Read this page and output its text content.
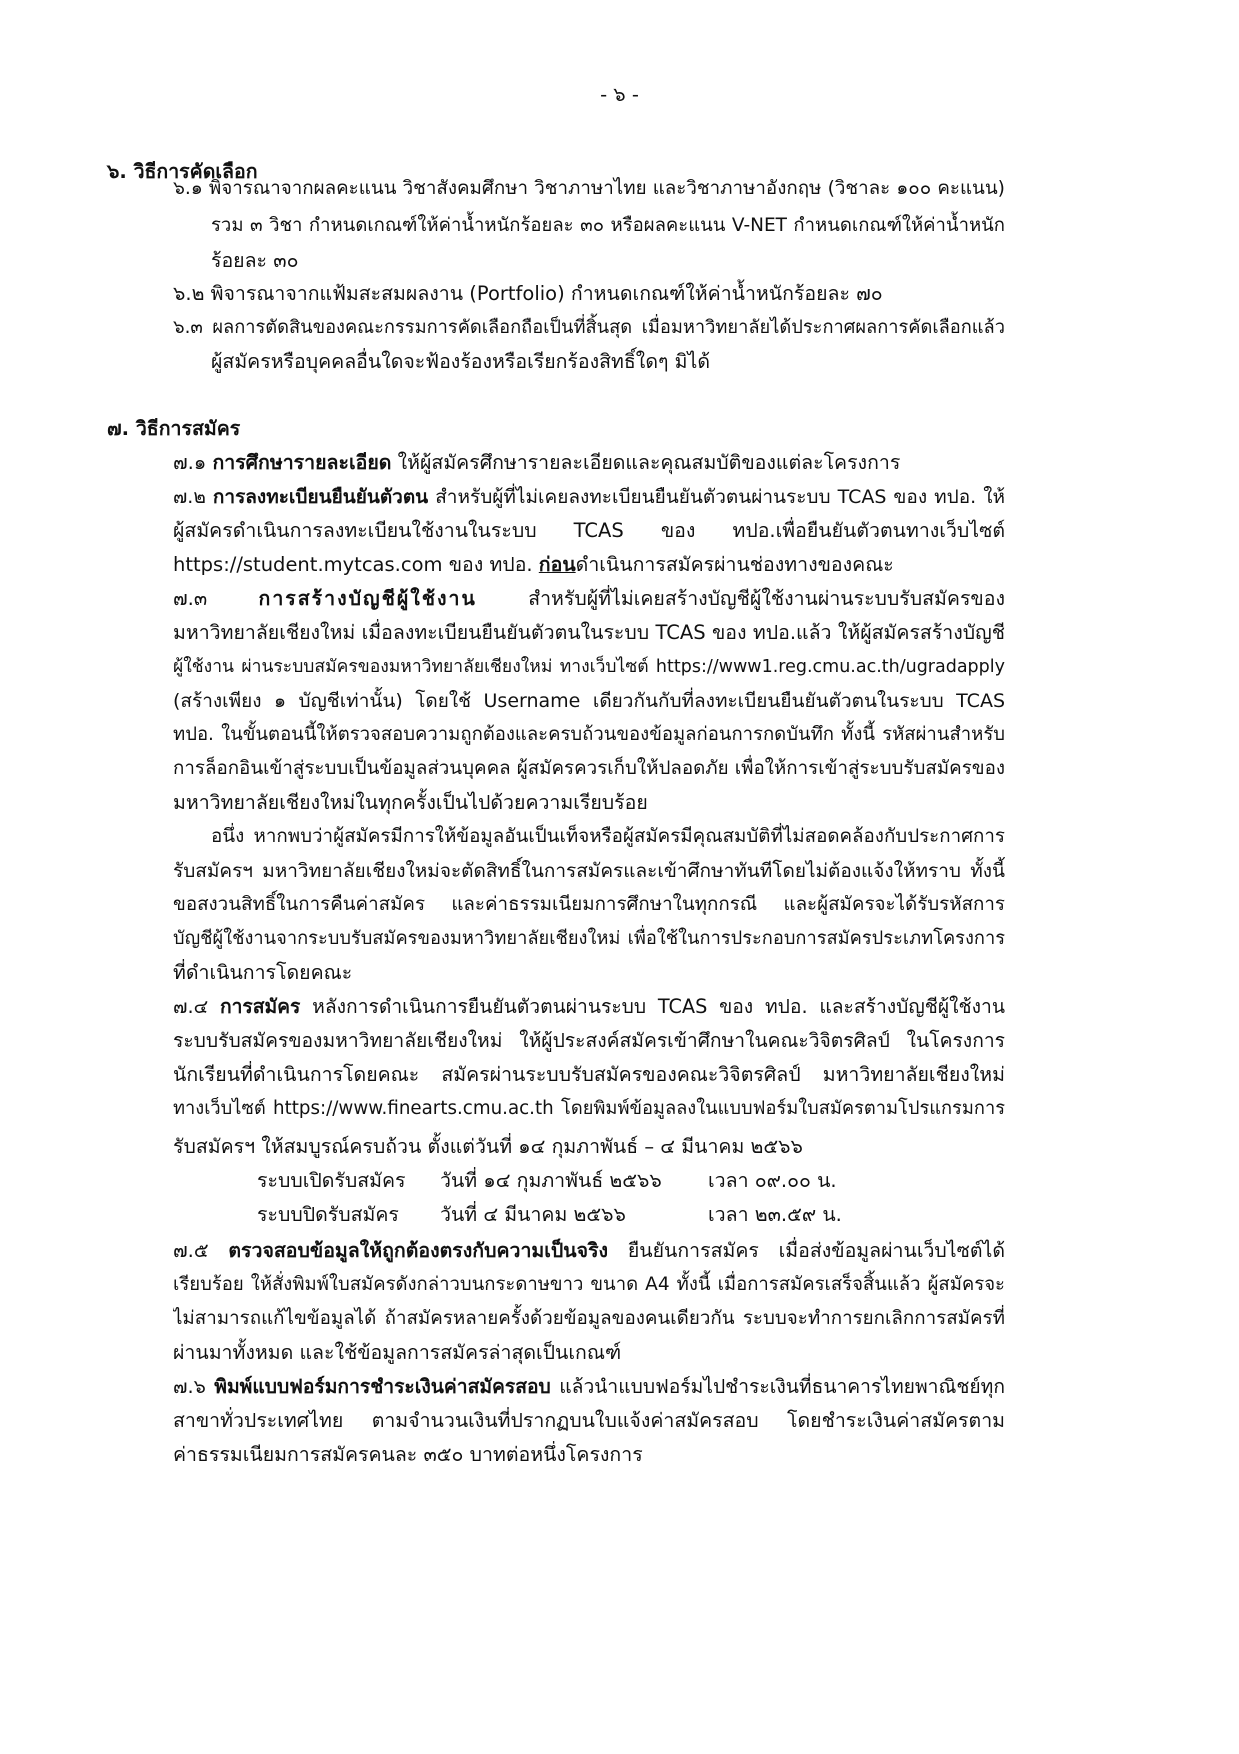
- ๖ -
๖. วิธีการคัดเลือก
๖.๑ พิจารณาจากผลคะแนน วิชาสังคมศึกษา วิชาภาษาไทย และวิชาภาษาอังกฤษ (วิชาละ ๑๐๐ คะแนน)
รวม ๓ วิชา กำหนดเกณฑ์ให้ค่าน้ำหนักร้อยละ ๓๐ หรือผลคะแนน V-NET กำหนดเกณฑ์ให้ค่าน้ำหนัก
ร้อยละ ๓๐
๖.๒ พิจารณาจากแฟ้มสะสมผลงาน (Portfolio) กำหนดเกณฑ์ให้ค่าน้ำหนักร้อยละ ๗๐
๖.๓ ผลการตัดสินของคณะกรรมการคัดเลือกถือเป็นที่สิ้นสุด เมื่อมหาวิทยาลัยได้ประกาศผลการคัดเลือกแล้ว
ผู้สมัครหรือบุคคลอื่นใดจะฟ้องร้องหรือเรียกร้องสิทธิ์ใดๆ มิได้
๗. วิธีการสมัคร
๗.๑ การศึกษารายละเอียด ให้ผู้สมัครศึกษารายละเอียดและคุณสมบัติของแต่ละโครงการ
๗.๒ การลงทะเบียนยืนยันตัวตน สำหรับผู้ที่ไม่เคยลงทะเบียนยืนยันตัวตนผ่านระบบ TCAS ของ ทปอ. ให้
ผู้สมัครดำเนินการลงทะเบียนใช้งานในระบบ TCAS ของ ทปอ.เพื่อยืนยันตัวตนทางเว็บไซต์
https://student.mytcas.com ของ ทปอ. ก่อนดำเนินการสมัครผ่านช่องทางของคณะ
๗.๓ การสร้างบัญชีผู้ใช้งาน สำหรับผู้ที่ไม่เคยสร้างบัญชีผู้ใช้งานผ่านระบบรับสมัครของ
มหาวิทยาลัยเชียงใหม่ เมื่อลงทะเบียนยืนยันตัวตนในระบบ TCAS ของ ทปอ.แล้ว ให้ผู้สมัครสร้างบัญชี
ผู้ใช้งาน ผ่านระบบสมัครของมหาวิทยาลัยเชียงใหม่ ทางเว็บไซต์ https://www1.reg.cmu.ac.th/ugradapply
(สร้างเพียง ๑ บัญชีเท่านั้น) โดยใช้ Username เดียวกันกับที่ลงทะเบียนยืนยันตัวตนในระบบ TCAS
ทปอ. ในขั้นตอนนี้ให้ตรวจสอบความถูกต้องและครบถ้วนของข้อมูลก่อนการกดบันทึก ทั้งนี้ รหัสผ่านสำหรับ
การล็อกอินเข้าสู่ระบบเป็นข้อมูลส่วนบุคคล ผู้สมัครควรเก็บให้ปลอดภัย เพื่อให้การเข้าสู่ระบบรับสมัครของ
มหาวิทยาลัยเชียงใหม่ในทุกครั้งเป็นไปด้วยความเรียบร้อย
อนึ่ง หากพบว่าผู้สมัครมีการให้ข้อมูลอันเป็นเท็จหรือผู้สมัครมีคุณสมบัติที่ไม่สอดคล้องกับประกาศการ
รับสมัครฯ มหาวิทยาลัยเชียงใหม่จะตัดสิทธิ์ในการสมัครและเข้าศึกษาทันทีโดยไม่ต้องแจ้งให้ทราบ ทั้งนี้
ขอสงวนสิทธิ์ในการคืนค่าสมัคร และค่าธรรมเนียมการศึกษาในทุกกรณี และผู้สมัครจะได้รับรหัสการ
บัญชีผู้ใช้งานจากระบบรับสมัครของมหาวิทยาลัยเชียงใหม่ เพื่อใช้ในการประกอบการสมัครประเภทโครงการ
ที่ดำเนินการโดยคณะ
๗.๔ การสมัคร หลังการดำเนินการยืนยันตัวตนผ่านระบบ TCAS ของ ทปอ. และสร้างบัญชีผู้ใช้งาน
ระบบรับสมัครของมหาวิทยาลัยเชียงใหม่ ให้ผู้ประสงค์สมัครเข้าศึกษาในคณะวิจิตรศิลป์ ในโครงการ
นักเรียนที่ดำเนินการโดยคณะ สมัครผ่านระบบรับสมัครของคณะวิจิตรศิลป์ มหาวิทยาลัยเชียงใหม่
ทางเว็บไซต์ https://www.finearts.cmu.ac.th โดยพิมพ์ข้อมูลลงในแบบฟอร์มใบสมัครตามโปรแกรมการ
รับสมัครฯ ให้สมบูรณ์ครบถ้วน ตั้งแต่วันที่ ๑๔ กุมภาพันธ์ – ๔ มีนาคม ๒๕๖๖
ระบบเปิดรับสมัคร วันที่ ๑๔ กุมภาพันธ์ ๒๕๖๖ เวลา ๐๙.๐๐ น.
ระบบปิดรับสมัคร วันที่ ๔ มีนาคม ๒๕๖๖	เวลา ๒๓.๕๙ น.
๗.๕ ตรวจสอบข้อมูลให้ถูกต้องตรงกับความเป็นจริง ยืนยันการสมัคร เมื่อส่งข้อมูลผ่านเว็บไซต์ได้
เรียบร้อย ให้สั่งพิมพ์ใบสมัครดังกล่าวบนกระดาษขาว ขนาด A4 ทั้งนี้ เมื่อการสมัครเสร็จสิ้นแล้ว ผู้สมัครจะ
ไม่สามารถแก้ไขข้อมูลได้ ถ้าสมัครหลายครั้งด้วยข้อมูลของคนเดียวกัน ระบบจะทำการยกเลิกการสมัครที่
ผ่านมาทั้งหมด และใช้ข้อมูลการสมัครล่าสุดเป็นเกณฑ์
๗.๖ พิมพ์แบบฟอร์มการชำระเงินค่าสมัครสอบ แล้วนำแบบฟอร์มไปชำระเงินที่ธนาคารไทยพาณิชย์ทุก
สาขาทั่วประเทศไทย ตามจำนวนเงินที่ปรากฏบนใบแจ้งค่าสมัครสอบ โดยชำระเงินค่าสมัครตาม
ค่าธรรมเนียมการสมัครคนละ ๓๕๐ บาทต่อหนึ่งโครงการ
